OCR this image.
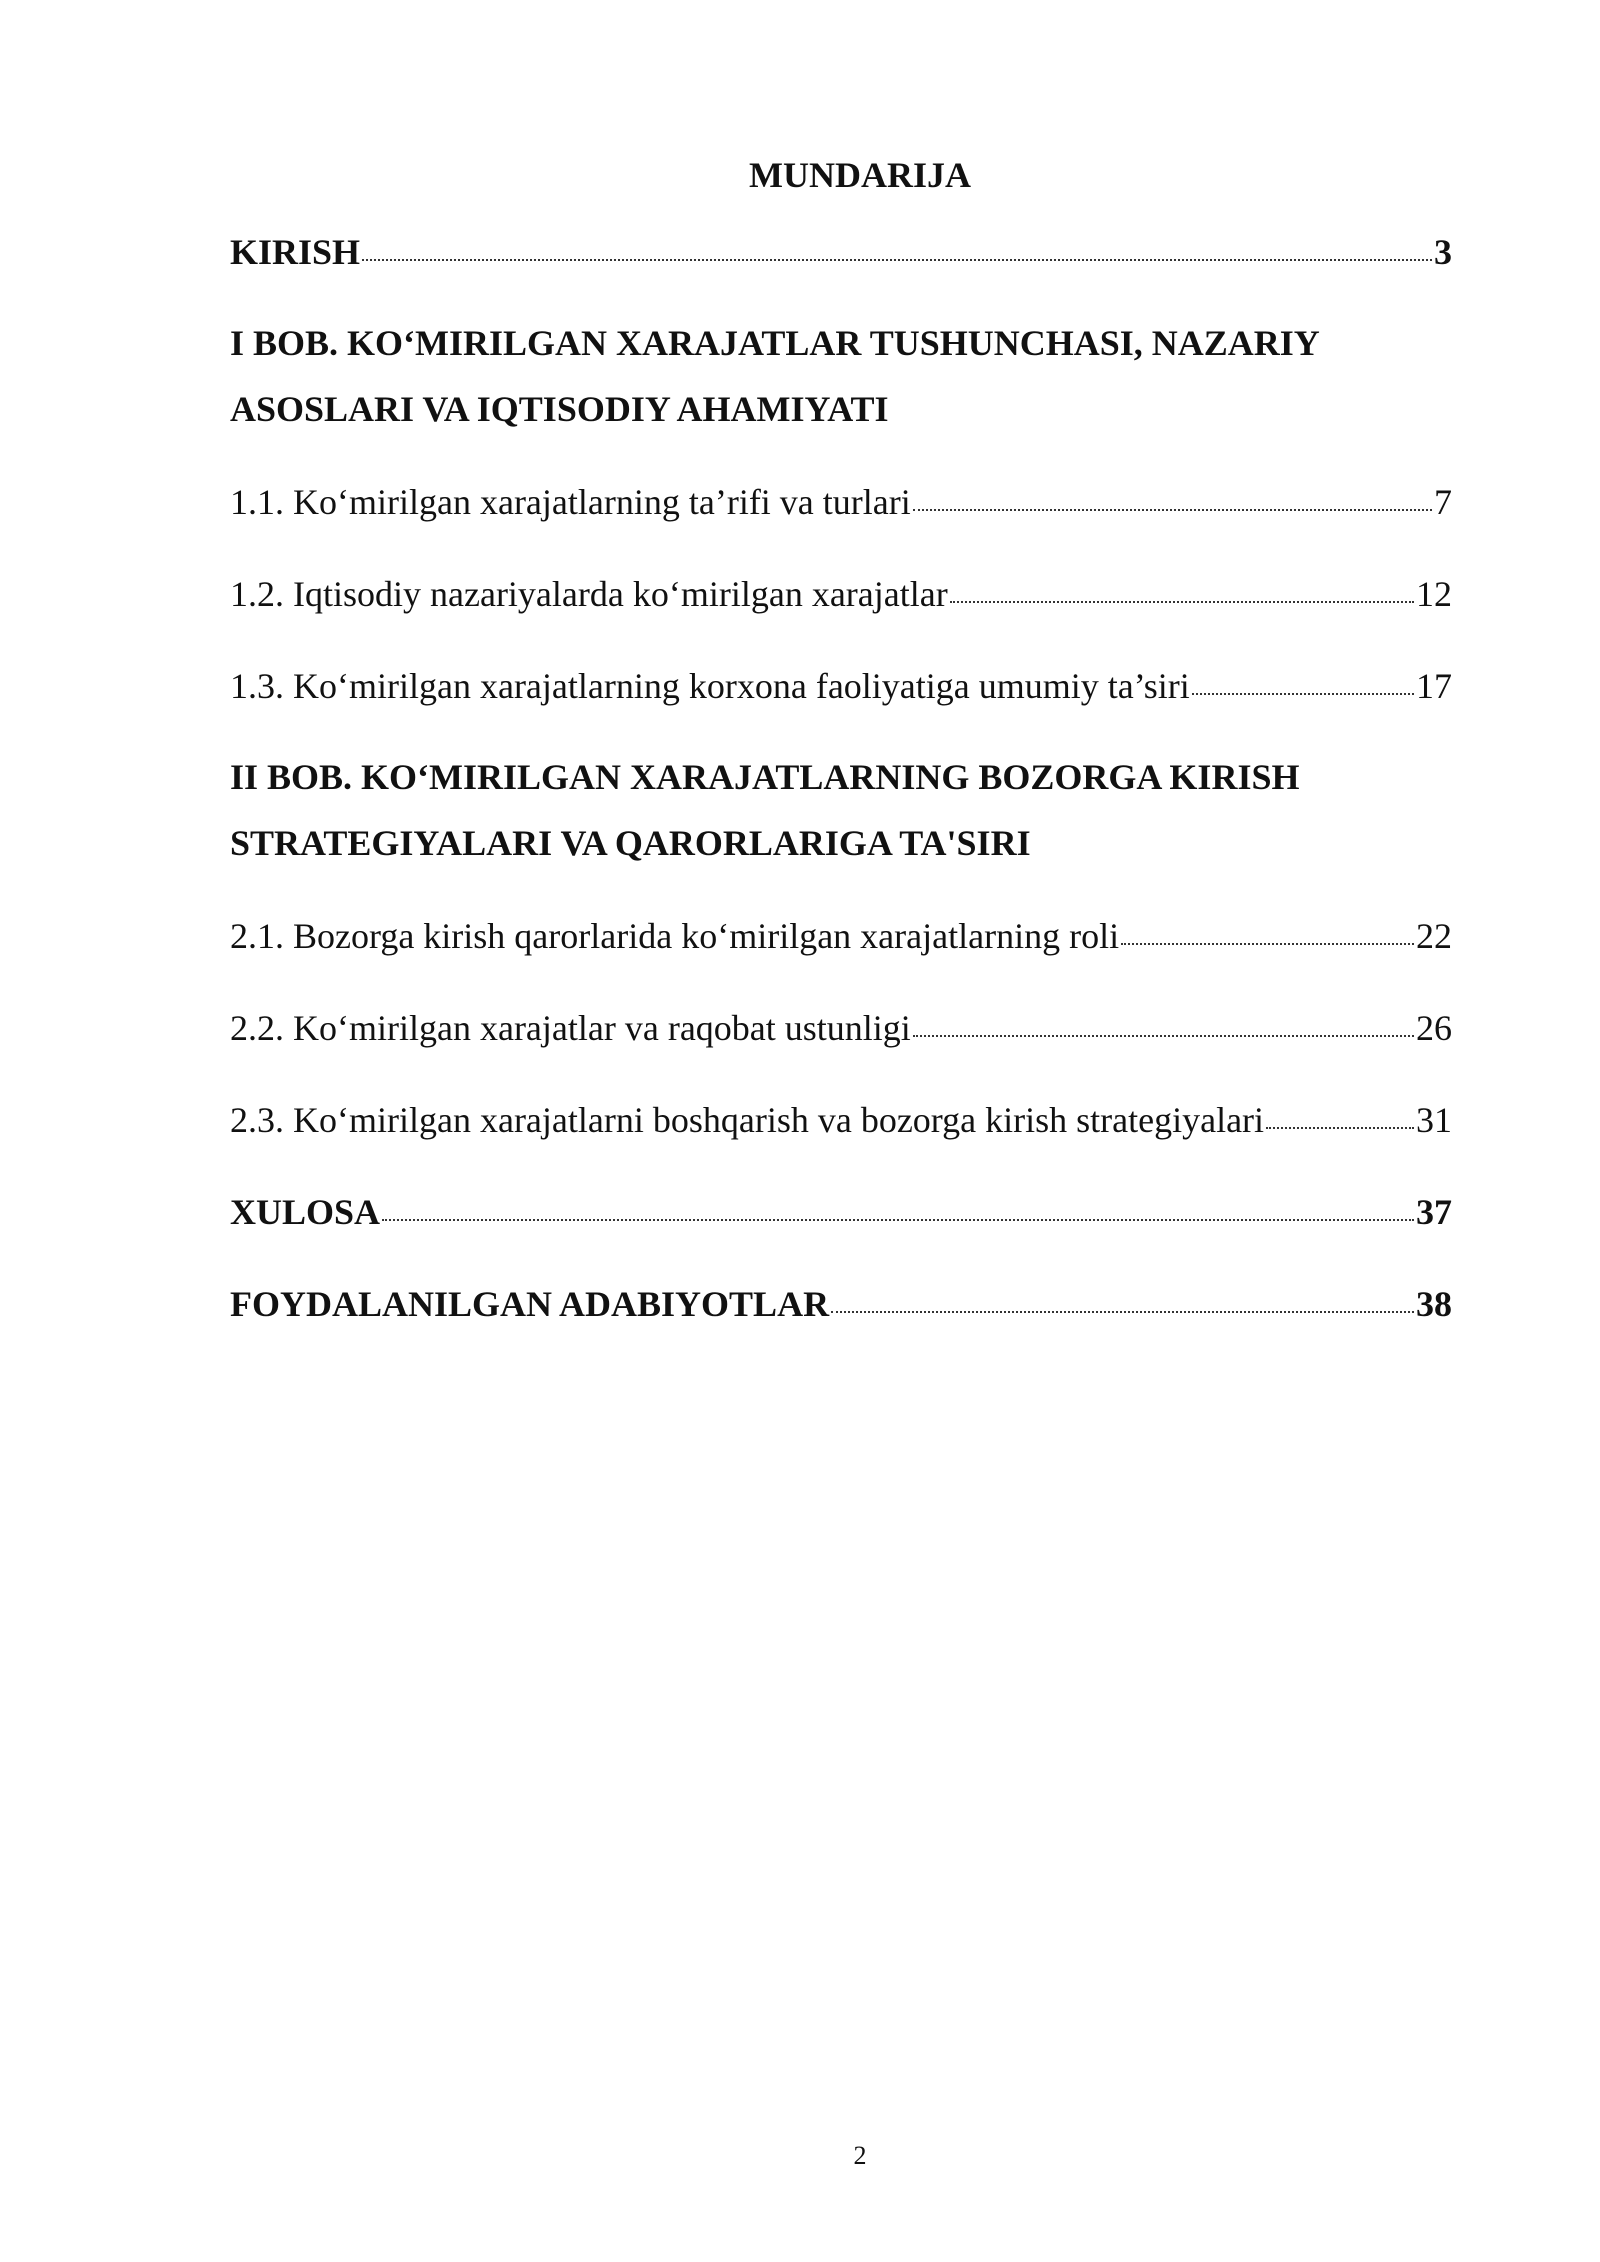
MUNDARIJA
KIRISH	3
I BOB. KO‘MIRILGAN XARAJATLAR TUSHUNCHASI, NAZARIY ASOSLARI VA IQTISODIY AHAMIYATI
1.1. Ko‘mirilgan xarajatlarning ta’rifi va turlari	7
1.2. Iqtisodiy nazariyalarda ko‘mirilgan xarajatlar	12
1.3. Ko‘mirilgan xarajatlarning korxona faoliyatiga umumiy ta’siri	17
II BOB. KO‘MIRILGAN XARAJATLARNING BOZORGA KIRISH STRATEGIYALARI VA QARORLARIGA TA'SIRI
2.1. Bozorga kirish qarorlarida ko‘mirilgan xarajatlarning roli	22
2.2. Ko‘mirilgan xarajatlar va raqobat ustunligi	26
2.3. Ko‘mirilgan xarajatlarni boshqarish va bozorga kirish strategiyalari	31
XULOSA	37
FOYDALANILGAN ADABIYOTLAR	38
2
